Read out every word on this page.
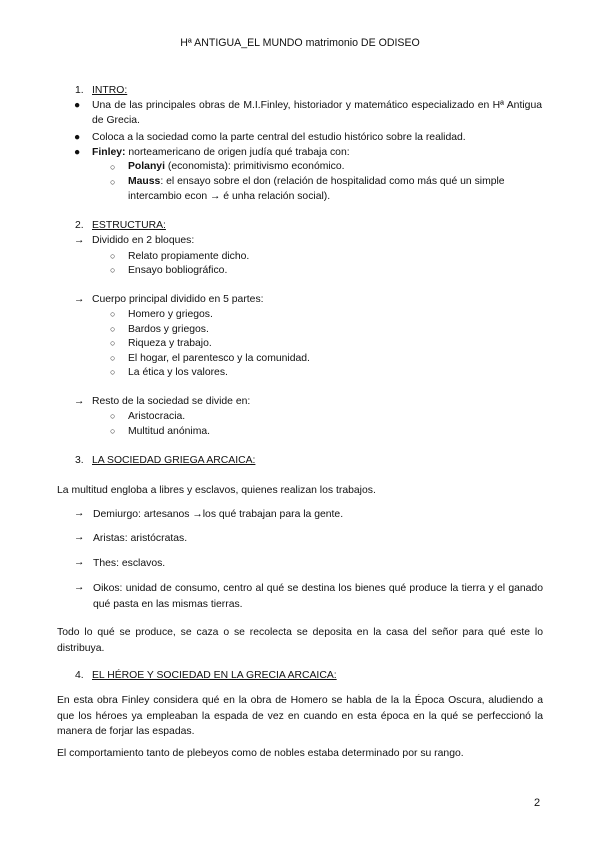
Hª ANTIGUA_EL MUNDO matrimonio DE ODISEO
1. INTRO:
●	Una de las principales obras de M.I.Finley, historiador y matemático especializado en Hª Antigua de Grecia.
●	Coloca a la sociedad como la parte central del estudio histórico sobre la realidad.
●	Finley: norteamericano de origen judía qué trabaja con:
○	Polanyi (economista): primitivismo económico.
○	Mauss: el ensayo sobre el don (relación de hospitalidad como más qué un simple intercambio econ → é unha relación social).
2. ESTRUCTURA:
→ Dividido en 2 bloques:
○ Relato propiamente dicho.
○ Ensayo bobliográfico.
→ Cuerpo principal dividido en 5 partes:
○ Homero y griegos.
○ Bardos y griegos.
○ Riqueza y trabajo.
○ El hogar, el parentesco y la comunidad.
○ La ética y los valores.
→ Resto de la sociedad se divide en:
○ Aristocracia.
○ Multitud anónima.
3. LA SOCIEDAD GRIEGA ARCAICA:
La multitud engloba a libres y esclavos, quienes realizan los trabajos.
→ Demiurgo: artesanos →los qué trabajan para la gente.
→ Aristas: aristócratas.
→ Thes: esclavos.
→ Oikos: unidad de consumo, centro al qué se destina los bienes qué produce la tierra y el ganado qué pasta en las mismas tierras.
Todo lo qué se produce, se caza o se recolecta se deposita en la casa del señor para qué este lo distribuya.
4. EL HÉROE Y SOCIEDAD EN LA GRECIA ARCAICA:
En esta obra Finley considera qué en la obra de Homero se habla de la la Época Oscura, aludiendo a que los héroes ya empleaban la espada de vez en cuando en esta época en la qué se perfeccionó la manera de forjar las espadas.
El comportamiento tanto de plebeyos como de nobles estaba determinado por su rango.
2
